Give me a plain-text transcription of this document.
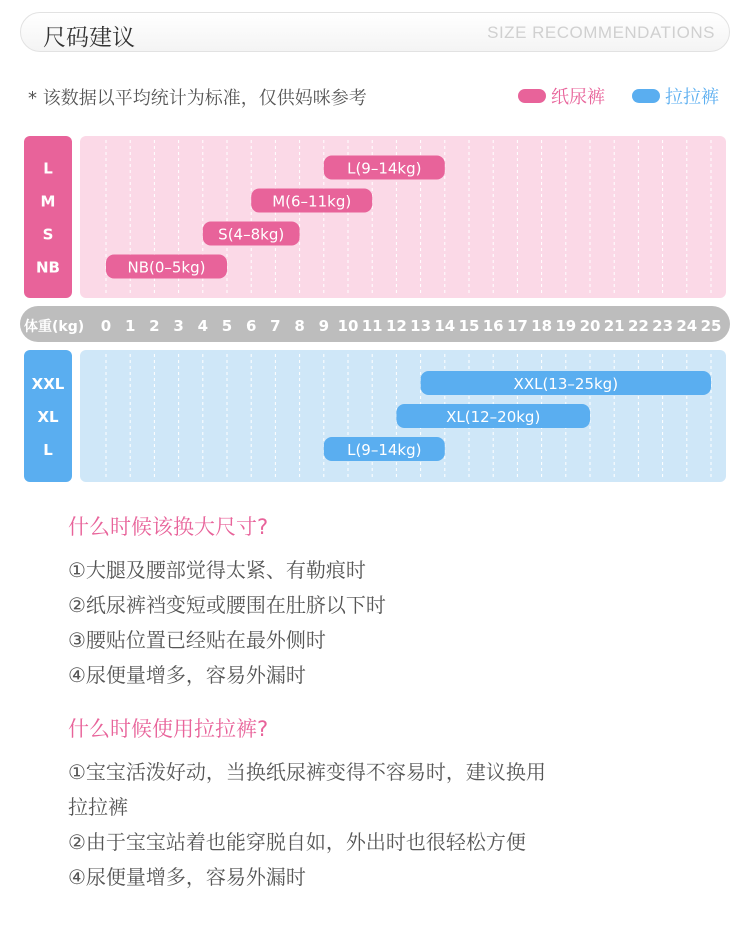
尺码建议	SIZE RECOMMENDATIONS
* 该数据以平均统计为标准，仅供妈咪参考	纸尿裤	拉拉裤
L
M
S
NB
L(9–14kg)
M(6–11kg)
S(4–8kg)
NB(0–5kg)
体重(kg) 0 1 2 3 4 5 6 7 8 9 10 11 12 13 14 15 16 17 18 19 20 21 22 23 24 25
XXL
XL
L
XXL(13–25kg)
XL(12–20kg)
L(9–14kg)
什么时候该换大尺寸?
①大腿及腰部觉得太紧、有勒痕时
②纸尿裤裆变短或腰围在肚脐以下时
③腰贴位置已经贴在最外侧时
④尿便量增多，容易外漏时
什么时候使用拉拉裤?
①宝宝活泼好动，当换纸尿裤变得不容易时，建议换用
拉拉裤
②由于宝宝站着也能穿脱自如，外出时也很轻松方便
④尿便量增多，容易外漏时
